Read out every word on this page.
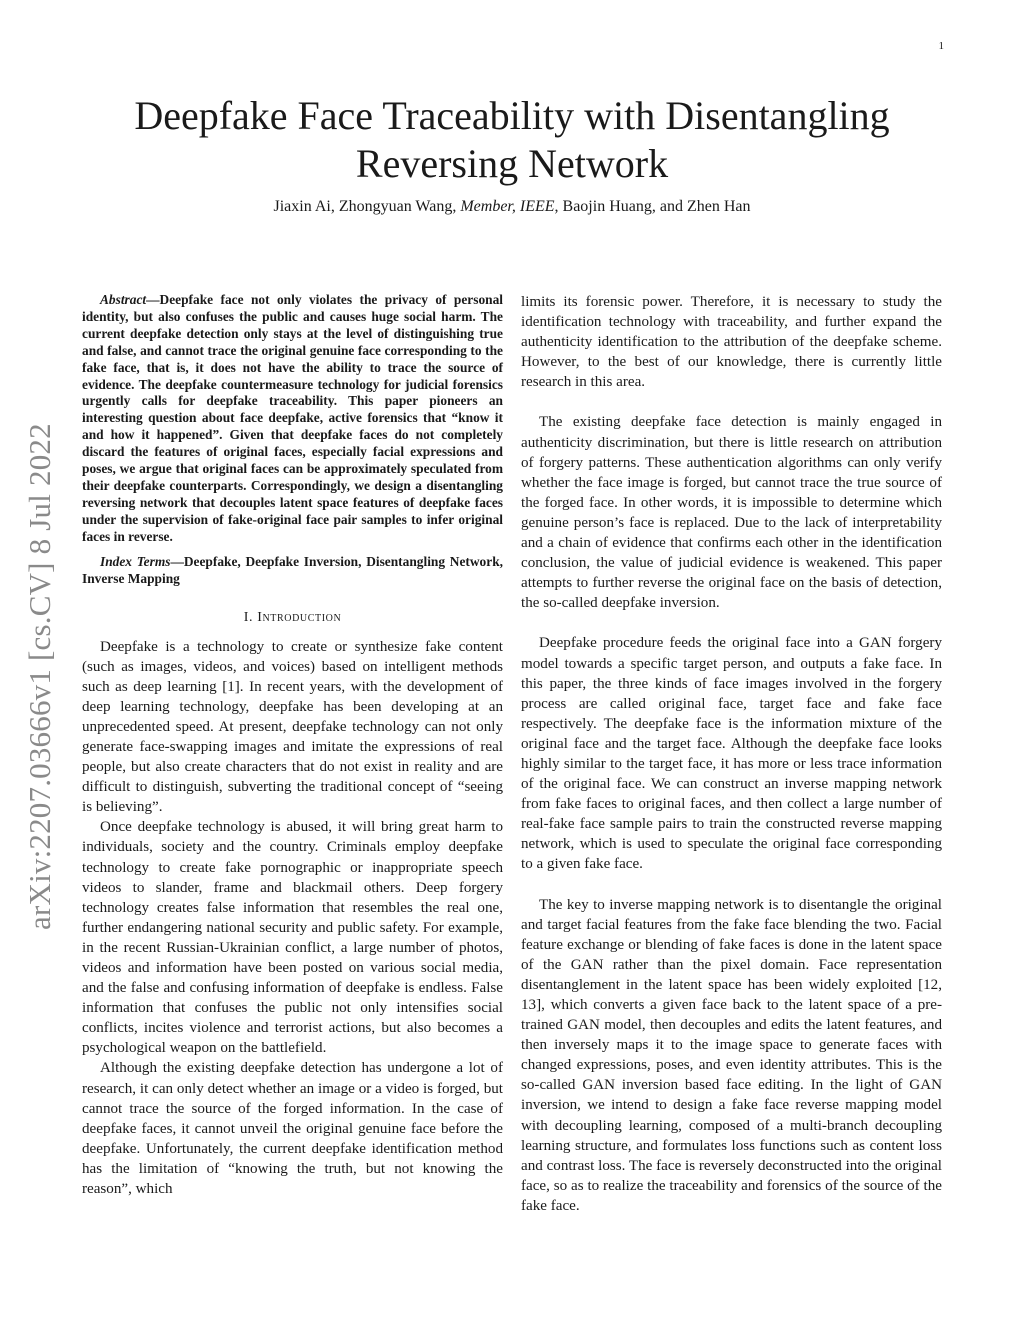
1
arXiv:2207.03666v1 [cs.CV] 8 Jul 2022
Deepfake Face Traceability with Disentangling Reversing Network
Jiaxin Ai, Zhongyuan Wang, Member, IEEE, Baojin Huang, and Zhen Han

Abstract—Deepfake face not only violates the privacy of personal identity, but also confuses the public and causes huge social harm. The current deepfake detection only stays at the level of distinguishing true and false, and cannot trace the original genuine face corresponding to the fake face, that is, it does not have the ability to trace the source of evidence. The deepfake countermeasure technology for judicial forensics urgently calls for deepfake traceability. This paper pioneers an interesting question about face deepfake, active forensics that “know it and how it happened”. Given that deepfake faces do not completely discard the features of original faces, especially facial expressions and poses, we argue that original faces can be approximately speculated from their deepfake counterparts. Correspondingly, we design a disentangling reversing network that decouples latent space features of deepfake faces under the supervision of fake-original face pair samples to infer original faces in reverse.

Index Terms—Deepfake, Deepfake Inversion, Disentangling Network, Inverse Mapping

I. Introduction

Deepfake is a technology to create or synthesize fake content (such as images, videos, and voices) based on intelligent methods such as deep learning [1]. In recent years, with the development of deep learning technology, deepfake has been developing at an unprecedented speed. At present, deepfake technology can not only generate face-swapping images and imitate the expressions of real people, but also create characters that do not exist in reality and are difficult to distinguish, subverting the traditional concept of “seeing is believing”.

Once deepfake technology is abused, it will bring great harm to individuals, society and the country. Criminals employ deepfake technology to create fake pornographic or inappropriate speech videos to slander, frame and blackmail others. Deep forgery technology creates false information that resembles the real one, further endangering national security and public safety. For example, in the recent Russian-Ukrainian conflict, a large number of photos, videos and information have been posted on various social media, and the false and confusing information of deepfake is endless. False information that confuses the public not only intensifies social conflicts, incites violence and terrorist actions, but also becomes a psychological weapon on the battlefield.

Although the existing deepfake detection has undergone a lot of research, it can only detect whether an image or a video is forged, but cannot trace the source of the forged information. In the case of deepfake faces, it cannot unveil the original genuine face before the deepfake. Unfortunately, the current deepfake identification method has the limitation of “knowing the truth, but not knowing the reason”, which

limits its forensic power. Therefore, it is necessary to study the identification technology with traceability, and further expand the authenticity identification to the attribution of the deepfake scheme. However, to the best of our knowledge, there is currently little research in this area.

The existing deepfake face detection is mainly engaged in authenticity discrimination, but there is little research on attribution of forgery patterns. These authentication algorithms can only verify whether the face image is forged, but cannot trace the true source of the forged face. In other words, it is impossible to determine which genuine person’s face is replaced. Due to the lack of interpretability and a chain of evidence that confirms each other in the identification conclusion, the value of judicial evidence is weakened. This paper attempts to further reverse the original face on the basis of detection, the so-called deepfake inversion.

Deepfake procedure feeds the original face into a GAN forgery model towards a specific target person, and outputs a fake face. In this paper, the three kinds of face images involved in the forgery process are called original face, target face and fake face respectively. The deepfake face is the information mixture of the original face and the target face. Although the deepfake face looks highly similar to the target face, it has more or less trace information of the original face. We can construct an inverse mapping network from fake faces to original faces, and then collect a large number of real-fake face sample pairs to train the constructed reverse mapping network, which is used to speculate the original face corresponding to a given fake face.

The key to inverse mapping network is to disentangle the original and target facial features from the fake face blending the two. Facial feature exchange or blending of fake faces is done in the latent space of the GAN rather than the pixel domain. Face representation disentanglement in the latent space has been widely exploited [12, 13], which converts a given face back to the latent space of a pre-trained GAN model, then decouples and edits the latent features, and then inversely maps it to the image space to generate faces with changed expressions, poses, and even identity attributes. This is the so-called GAN inversion based face editing. In the light of GAN inversion, we intend to design a fake face reverse mapping model with decoupling learning, composed of a multi-branch decoupling learning structure, and formulates loss functions such as content loss and contrast loss. The face is reversely deconstructed into the original face, so as to realize the traceability and forensics of the source of the fake face.
